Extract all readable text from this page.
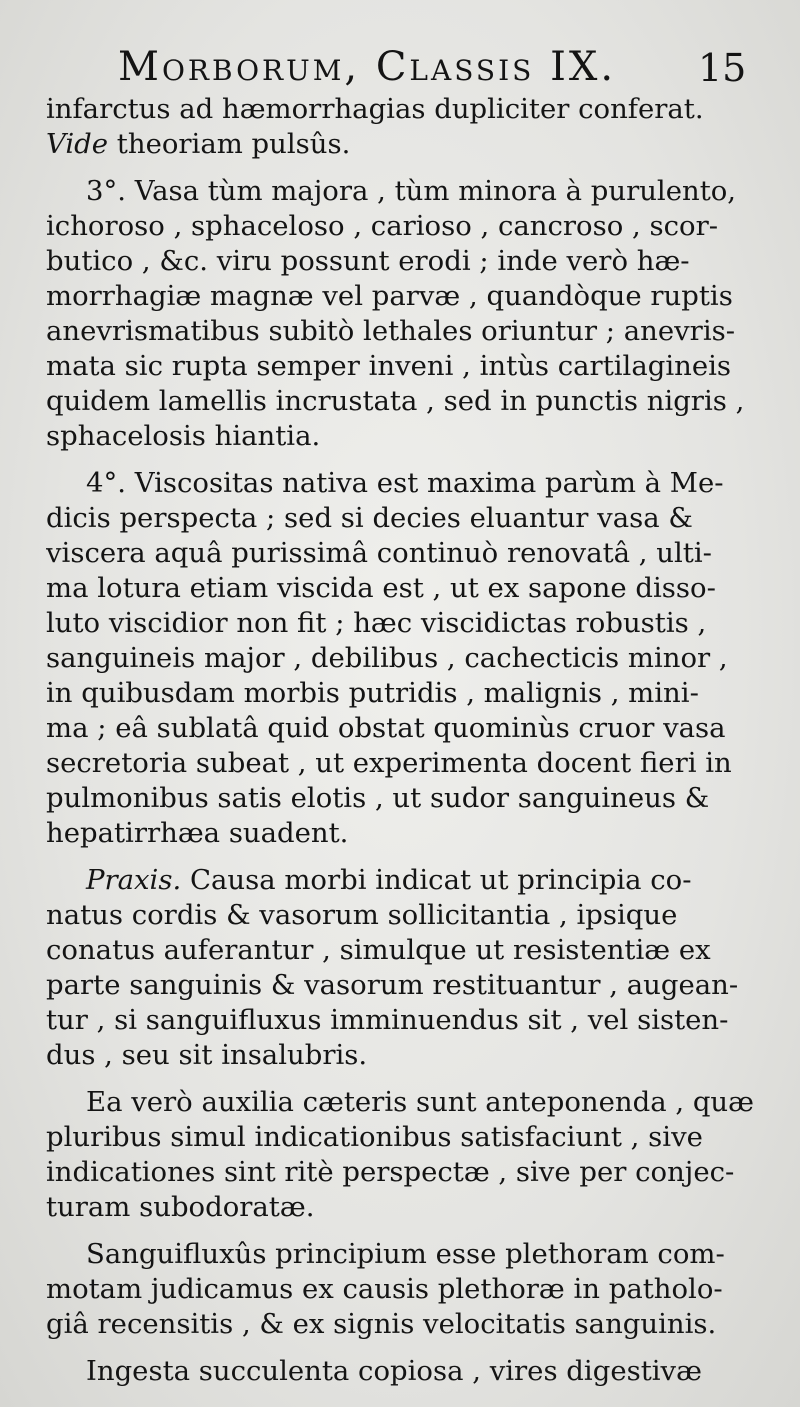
Morborum, Classis IX. 15

infarctus ad hæmorrhagias dupliciter conferat.
Vide theoriam pulsûs.

3°. Vasa tùm majora , tùm minora à purulento,
ichoroso , sphaceloso , carioso , cancroso , scor-
butico , &c. viru possunt erodi ; inde verò hæ-
morrhagiæ magnæ vel parvæ , quandòque ruptis
anevrismatibus subitò lethales oriuntur ; anevris-
mata sic rupta semper inveni , intùs cartilagineis
quidem lamellis incrustata , sed in punctis nigris ,
sphacelosis hiantia.

4°. Viscositas nativa est maxima parùm à Me-
dicis perspecta ; sed si decies eluantur vasa &
viscera aquâ purissimâ continuò renovatâ , ulti-
ma lotura etiam viscida est , ut ex sapone disso-
luto viscidior non fit ; hæc viscidictas robustis ,
sanguineis major , debilibus , cachecticis minor ,
in quibusdam morbis putridis , malignis , mini-
ma ; eâ sublatâ quid obstat quominùs cruor vasa
secretoria subeat , ut experimenta docent fieri in
pulmonibus satis elotis , ut sudor sanguineus &
hepatirrhæa suadent.

Praxis. Causa morbi indicat ut principia co-
natus cordis & vasorum sollicitantia , ipsique
conatus auferantur , simulque ut resistentiæ ex
parte sanguinis & vasorum restituantur , augean-
tur , si sanguifluxus imminuendus sit , vel sisten-
dus , seu sit insalubris.

Ea verò auxilia cæteris sunt anteponenda , quæ
pluribus simul indicationibus satisfaciunt , sive
indicationes sint ritè perspectæ , sive per conjec-
turam subodoratæ.

Sanguifluxûs principium esse plethoram com-
motam judicamus ex causis plethoræ in patholo-
giâ recensitis , & ex signis velocitatis sanguinis.

Ingesta succulenta copiosa , vires digestivæ
